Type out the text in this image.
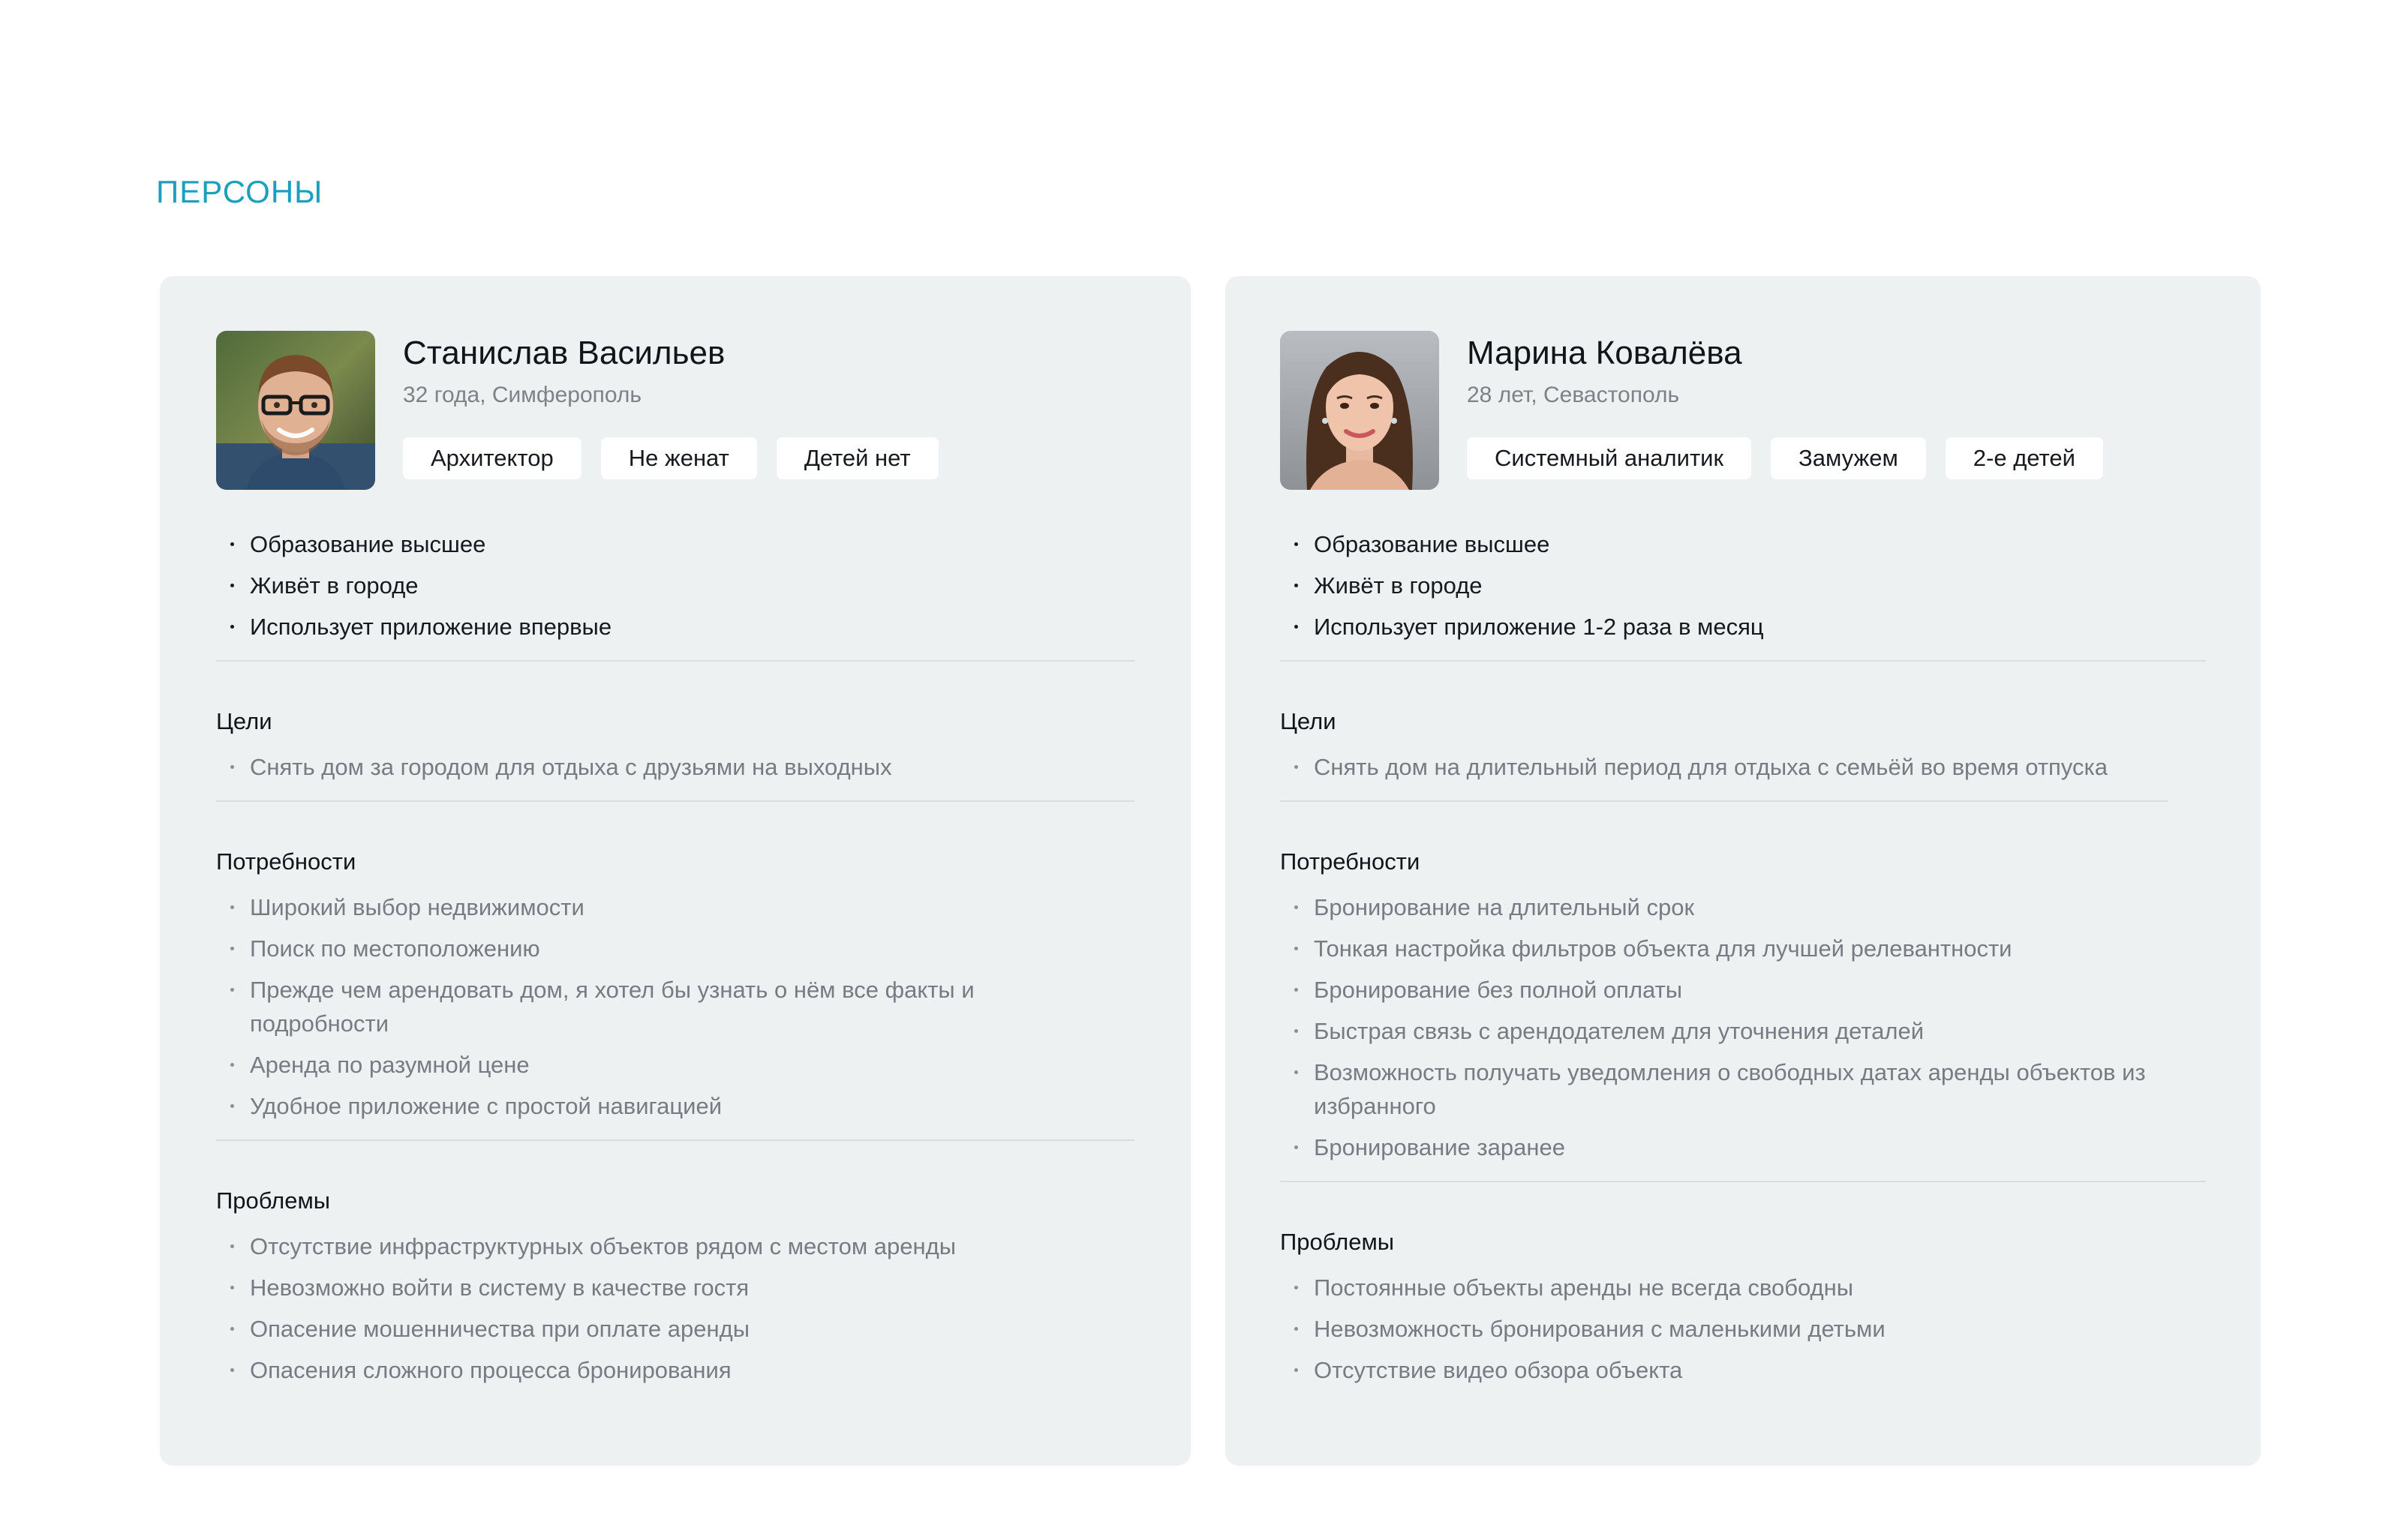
ПЕРСОНЫ
Станислав Васильев
32 года, Симферополь
Архитектор	Не женат	Детей нет
Образование высшее
Живёт в городе
Использует приложение впервые
Цели
Снять дом за городом для отдыха с друзьями на выходных
Потребности
Широкий выбор недвижимости
Поиск по местоположению
Прежде чем арендовать дом, я хотел бы узнать о нём все факты и подробности
Аренда по разумной цене
Удобное приложение с простой навигацией
Проблемы
Отсутствие инфраструктурных объектов рядом с местом аренды
Невозможно войти в систему в качестве гостя
Опасение мошенничества при оплате аренды
Опасения сложного процесса бронирования
Марина Ковалёва
28 лет, Севастополь
Системный аналитик	Замужем	2-е детей
Образование высшее
Живёт в городе
Использует приложение 1-2 раза в месяц
Цели
Снять дом на длительный период для отдыха с семьёй во время отпуска
Потребности
Бронирование на длительный срок
Тонкая настройка фильтров объекта для лучшей релевантности
Бронирование без полной оплаты
Быстрая связь с арендодателем для уточнения деталей
Возможность получать уведомления о свободных датах аренды объектов из избранного
Бронирование заранее
Проблемы
Постоянные объекты аренды не всегда свободны
Невозможность бронирования с маленькими детьми
Отсутствие видео обзора объекта
